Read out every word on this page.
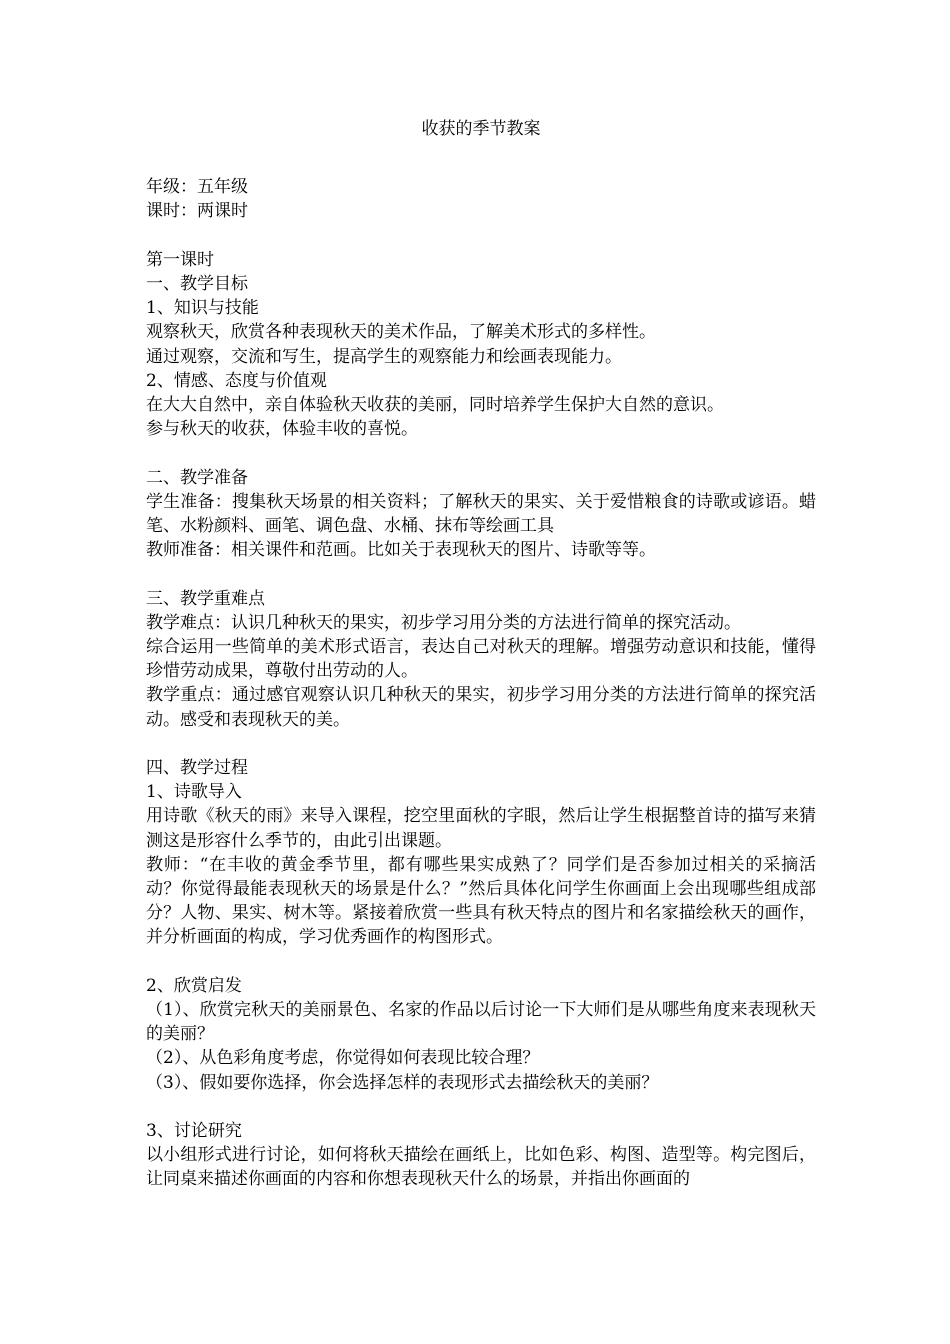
收获的季节教案

年级：五年级

课时：两课时

第一课时

一、教学目标

1、知识与技能

观察秋天，欣赏各种表现秋天的美术作品，了解美术形式的多样性。

通过观察，交流和写生，提高学生的观察能力和绘画表现能力。

2、情感、态度与价值观

在大大自然中，亲自体验秋天收获的美丽，同时培养学生保护大自然的意识。

参与秋天的收获，体验丰收的喜悦。

二、教学准备

学生准备：搜集秋天场景的相关资料；了解秋天的果实、关于爱惜粮食的诗歌或谚语。蜡笔、水粉颜料、画笔、调色盘、水桶、抹布等绘画工具

教师准备：相关课件和范画。比如关于表现秋天的图片、诗歌等等。

三、教学重难点

教学难点：认识几种秋天的果实，初步学习用分类的方法进行简单的探究活动。

综合运用一些简单的美术形式语言，表达自己对秋天的理解。增强劳动意识和技能，懂得珍惜劳动成果，尊敬付出劳动的人。

教学重点：通过感官观察认识几种秋天的果实，初步学习用分类的方法进行简单的探究活动。感受和表现秋天的美。

四、教学过程

1、诗歌导入

用诗歌《秋天的雨》来导入课程，挖空里面秋的字眼，然后让学生根据整首诗的描写来猜测这是形容什么季节的，由此引出课题。

教师：“在丰收的黄金季节里，都有哪些果实成熟了？同学们是否参加过相关的采摘活动？你觉得最能表现秋天的场景是什么？”然后具体化问学生你画面上会出现哪些组成部分？人物、果实、树木等。紧接着欣赏一些具有秋天特点的图片和名家描绘秋天的画作，并分析画面的构成，学习优秀画作的构图形式。

2、欣赏启发

（1）、欣赏完秋天的美丽景色、名家的作品以后讨论一下大师们是从哪些角度来表现秋天的美丽？

（2）、从色彩角度考虑，你觉得如何表现比较合理？

（3）、假如要你选择，你会选择怎样的表现形式去描绘秋天的美丽？

3、讨论研究

以小组形式进行讨论，如何将秋天描绘在画纸上，比如色彩、构图、造型等。构完图后，让同桌来描述你画面的内容和你想表现秋天什么的场景，并指出你画面的
